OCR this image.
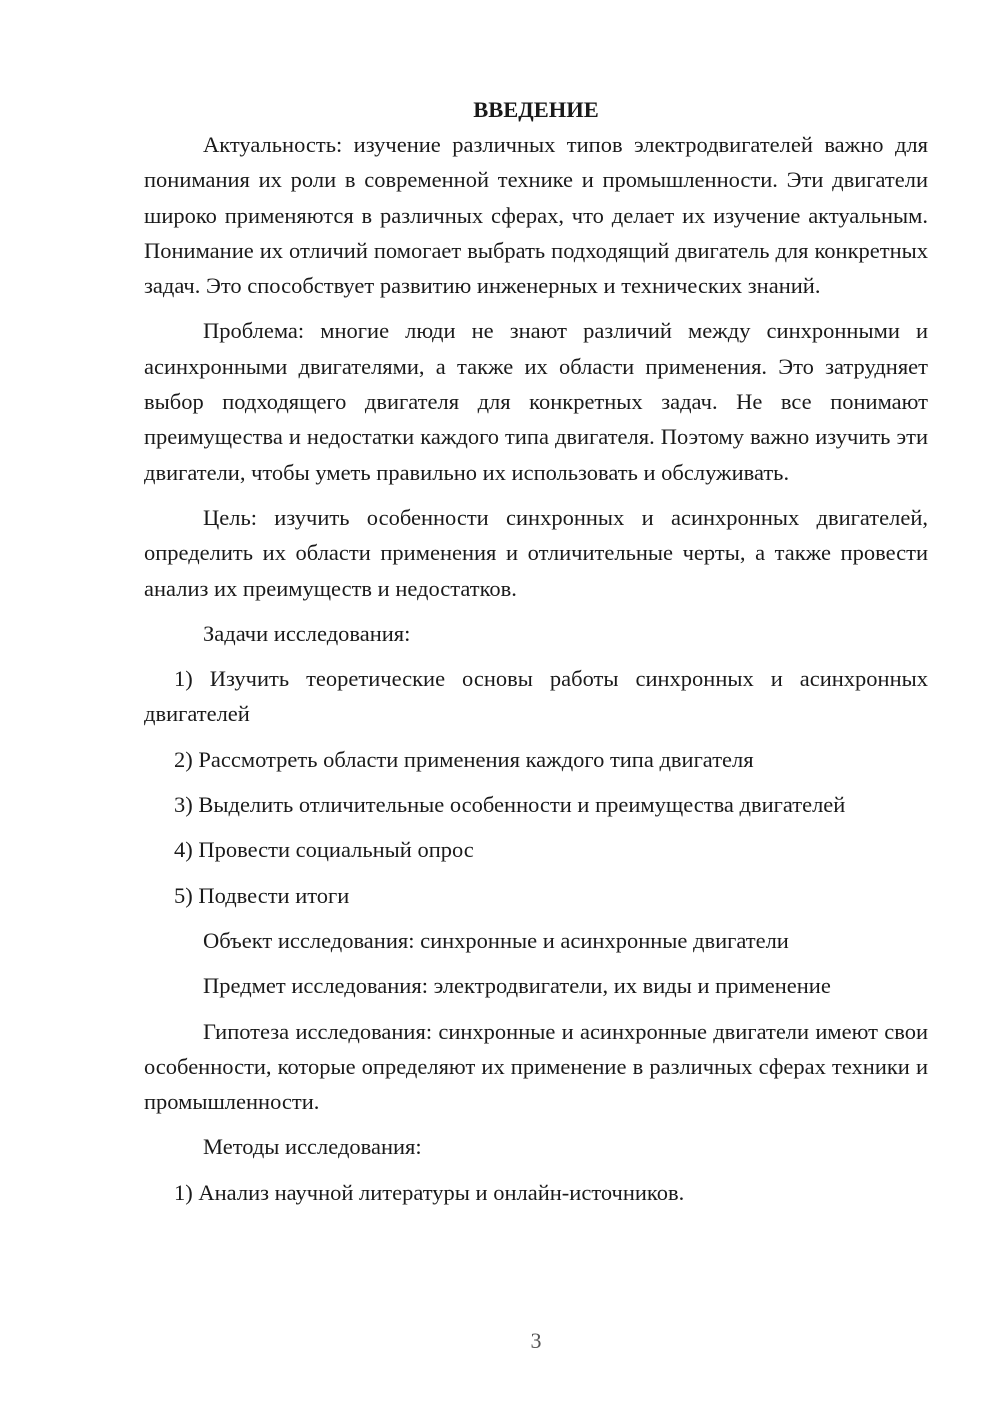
ВВЕДЕНИЕ
Актуальность: изучение различных типов электродвигателей важно для понимания их роли в современной технике и промышленности. Эти двигатели широко применяются в различных сферах, что делает их изучение актуальным. Понимание их отличий помогает выбрать подходящий двигатель для конкретных задач. Это способствует развитию инженерных и технических знаний.
Проблема: многие люди не знают различий между синхронными и асинхронными двигателями, а также их области применения. Это затрудняет выбор подходящего двигателя для конкретных задач. Не все понимают преимущества и недостатки каждого типа двигателя. Поэтому важно изучить эти двигатели, чтобы уметь правильно их использовать и обслуживать.
Цель: изучить особенности синхронных и асинхронных двигателей, определить их области применения и отличительные черты, а также провести анализ их преимуществ и недостатков.
Задачи исследования:
1) Изучить теоретические основы работы синхронных и асинхронных двигателей
2) Рассмотреть области применения каждого типа двигателя
3) Выделить отличительные особенности и преимущества двигателей
4) Провести социальный опрос
5) Подвести итоги
Объект исследования: синхронные и асинхронные двигатели
Предмет исследования: электродвигатели, их виды и применение
Гипотеза исследования: синхронные и асинхронные двигатели имеют свои особенности, которые определяют их применение в различных сферах техники и промышленности.
Методы исследования:
1) Анализ научной литературы и онлайн-источников.
3
